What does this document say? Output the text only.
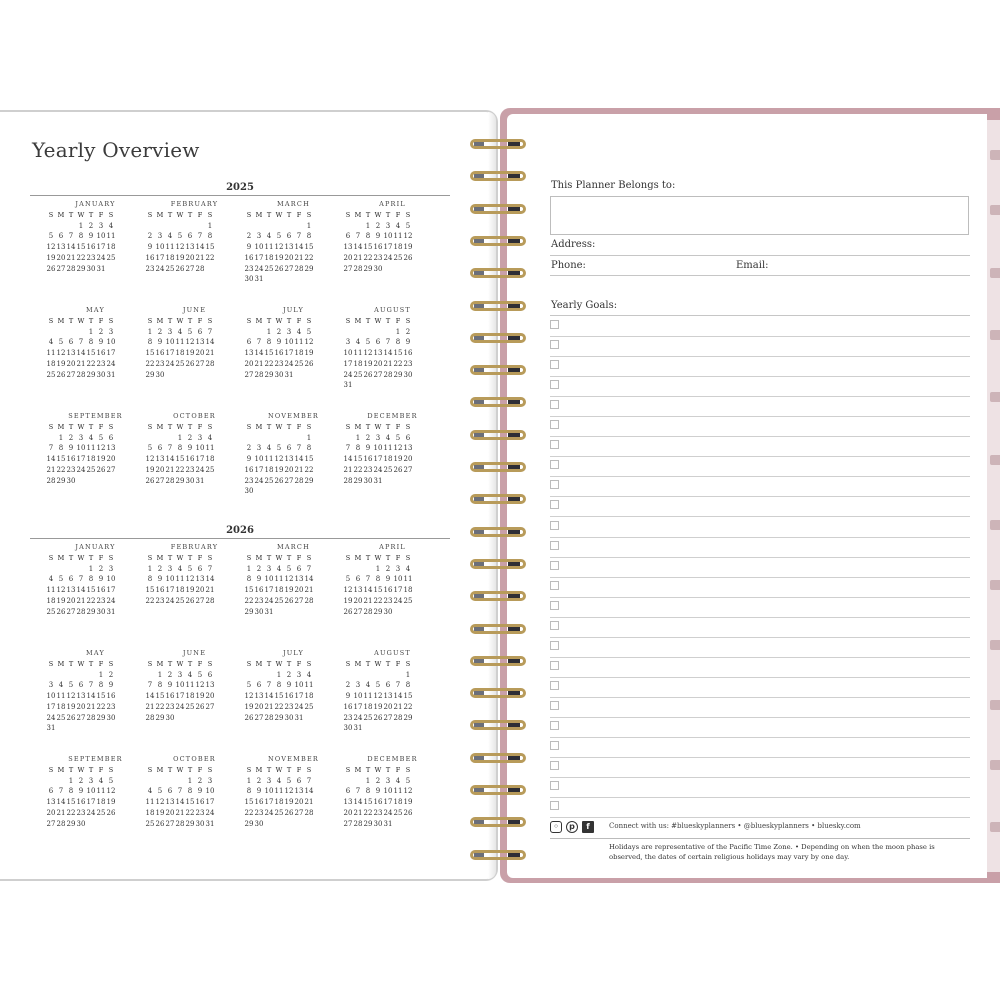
Yearly Overview
2025
JANUARY
S	M	T	W	T	F	S
			1	2	3	4
5	6	7	8	9	10	11
12	13	14	15	16	17	18
19	20	21	22	23	24	25
26	27	28	29	30	31	
FEBRUARY
S	M	T	W	T	F	S
						1
2	3	4	5	6	7	8
9	10	11	12	13	14	15
16	17	18	19	20	21	22
23	24	25	26	27	28	
MARCH
S	M	T	W	T	F	S
						1
2	3	4	5	6	7	8
9	10	11	12	13	14	15
16	17	18	19	20	21	22
23	24	25	26	27	28	29
30	31					
APRIL
S	M	T	W	T	F	S
		1	2	3	4	5
6	7	8	9	10	11	12
13	14	15	16	17	18	19
20	21	22	23	24	25	26
27	28	29	30			
MAY
S	M	T	W	T	F	S
				1	2	3
4	5	6	7	8	9	10
11	12	13	14	15	16	17
18	19	20	21	22	23	24
25	26	27	28	29	30	31
JUNE
S	M	T	W	T	F	S
1	2	3	4	5	6	7
8	9	10	11	12	13	14
15	16	17	18	19	20	21
22	23	24	25	26	27	28
29	30					
JULY
S	M	T	W	T	F	S
		1	2	3	4	5
6	7	8	9	10	11	12
13	14	15	16	17	18	19
20	21	22	23	24	25	26
27	28	29	30	31		
AUGUST
S	M	T	W	T	F	S
					1	2
3	4	5	6	7	8	9
10	11	12	13	14	15	16
17	18	19	20	21	22	23
24	25	26	27	28	29	30
31						
SEPTEMBER
S	M	T	W	T	F	S
	1	2	3	4	5	6
7	8	9	10	11	12	13
14	15	16	17	18	19	20
21	22	23	24	25	26	27
28	29	30				
OCTOBER
S	M	T	W	T	F	S
			1	2	3	4
5	6	7	8	9	10	11
12	13	14	15	16	17	18
19	20	21	22	23	24	25
26	27	28	29	30	31	
NOVEMBER
S	M	T	W	T	F	S
						1
2	3	4	5	6	7	8
9	10	11	12	13	14	15
16	17	18	19	20	21	22
23	24	25	26	27	28	29
30						
DECEMBER
S	M	T	W	T	F	S
	1	2	3	4	5	6
7	8	9	10	11	12	13
14	15	16	17	18	19	20
21	22	23	24	25	26	27
28	29	30	31			
2026
JANUARY
S	M	T	W	T	F	S
				1	2	3
4	5	6	7	8	9	10
11	12	13	14	15	16	17
18	19	20	21	22	23	24
25	26	27	28	29	30	31
FEBRUARY
S	M	T	W	T	F	S
1	2	3	4	5	6	7
8	9	10	11	12	13	14
15	16	17	18	19	20	21
22	23	24	25	26	27	28
MARCH
S	M	T	W	T	F	S
1	2	3	4	5	6	7
8	9	10	11	12	13	14
15	16	17	18	19	20	21
22	23	24	25	26	27	28
29	30	31				
APRIL
S	M	T	W	T	F	S
			1	2	3	4
5	6	7	8	9	10	11
12	13	14	15	16	17	18
19	20	21	22	23	24	25
26	27	28	29	30		
MAY
S	M	T	W	T	F	S
					1	2
3	4	5	6	7	8	9
10	11	12	13	14	15	16
17	18	19	20	21	22	23
24	25	26	27	28	29	30
31						
JUNE
S	M	T	W	T	F	S
	1	2	3	4	5	6
7	8	9	10	11	12	13
14	15	16	17	18	19	20
21	22	23	24	25	26	27
28	29	30				
JULY
S	M	T	W	T	F	S
			1	2	3	4
5	6	7	8	9	10	11
12	13	14	15	16	17	18
19	20	21	22	23	24	25
26	27	28	29	30	31	
AUGUST
S	M	T	W	T	F	S
						1
2	3	4	5	6	7	8
9	10	11	12	13	14	15
16	17	18	19	20	21	22
23	24	25	26	27	28	29
30	31					
SEPTEMBER
S	M	T	W	T	F	S
		1	2	3	4	5
6	7	8	9	10	11	12
13	14	15	16	17	18	19
20	21	22	23	24	25	26
27	28	29	30			
OCTOBER
S	M	T	W	T	F	S
				1	2	3
4	5	6	7	8	9	10
11	12	13	14	15	16	17
18	19	20	21	22	23	24
25	26	27	28	29	30	31
NOVEMBER
S	M	T	W	T	F	S
1	2	3	4	5	6	7
8	9	10	11	12	13	14
15	16	17	18	19	20	21
22	23	24	25	26	27	28
29	30					
DECEMBER
S	M	T	W	T	F	S
		1	2	3	4	5
6	7	8	9	10	11	12
13	14	15	16	17	18	19
20	21	22	23	24	25	26
27	28	29	30	31		
This Planner Belongs to:
Address:
Phone:	Email:
Yearly Goals:
◦	p	f	Connect with us: #blueskyplanners • @blueskyplanners • bluesky.com
Holidays are representative of the Pacific Time Zone. • Depending on when the moon phase is observed, the dates of certain religious holidays may vary by one day.
